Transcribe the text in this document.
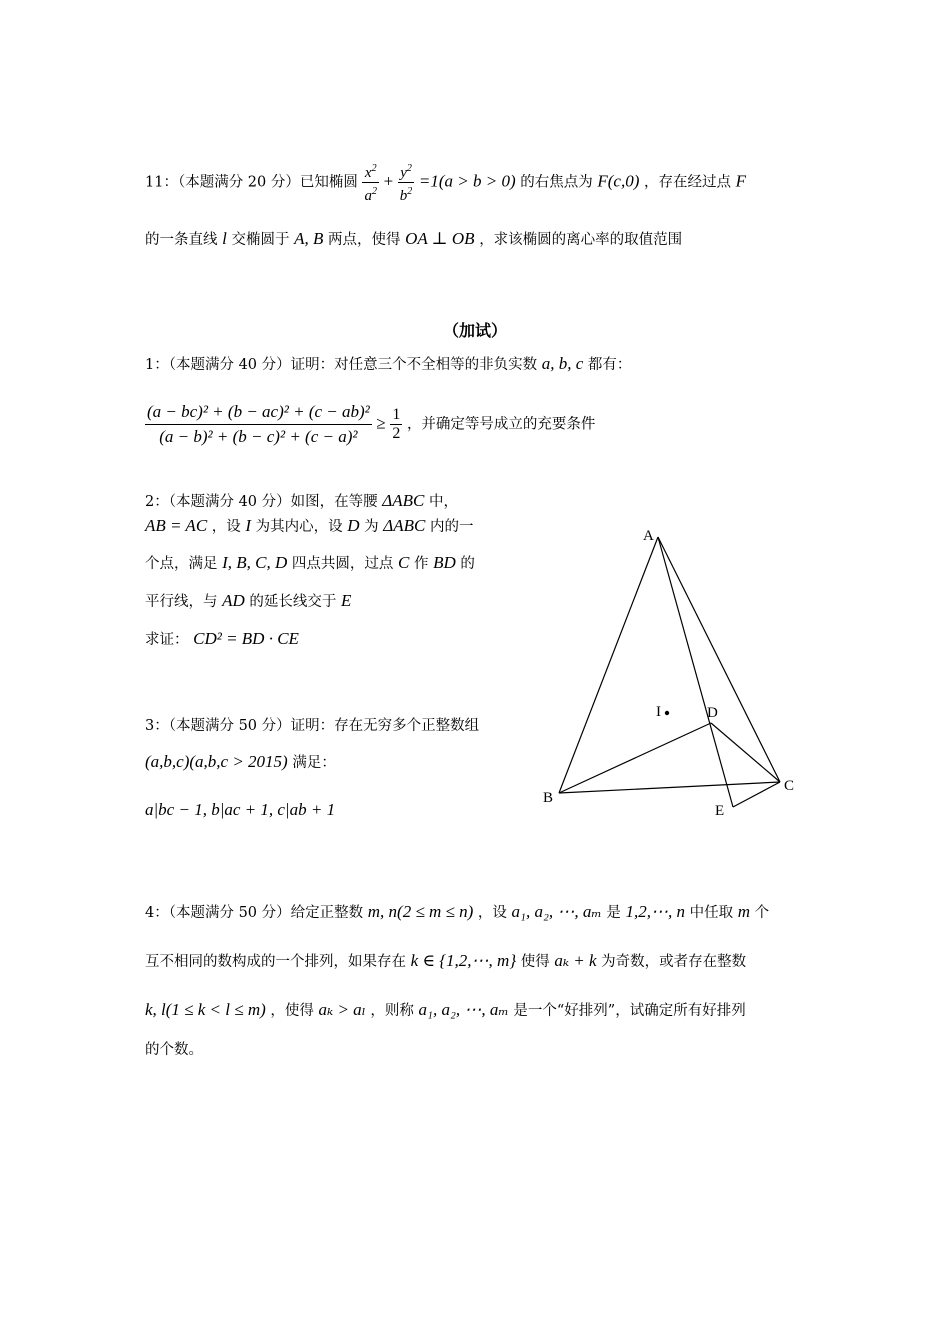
11：（本题满分 20 分）已知椭圆 $\frac{x^2}{a^2} + \frac{y^2}{b^2} =1(a > b > 0)$ 的右焦点为 F(c,0) ，存在经过点 F
的一条直线 l 交椭圆于 A, B 两点，使得 OA ⊥ OB ，求该椭圆的离心率的取值范围
（加试）
1：（本题满分 40 分）证明：对任意三个不全相等的非负实数 a, b, c 都有：
$\frac{\text{(a − bc)² + (b − ac)² + (c − ab)²}}{\text{(a − b)² + (b − c)² + (c − a)²}} \ge \frac{1}{2}$ ，并确定等号成立的充要条件
2：（本题满分 40 分）如图，在等腰 ΔABC 中，
AB = AC ，设 I 为其内心，设 D 为 ΔABC 内的一
个点，满足 I, B, C, D 四点共圆，过点 C 作 BD 的
平行线，与 AD 的延长线交于 E
求证： CD² = BD · CE
3：（本题满分 50 分）证明：存在无穷多个正整数组
(a,b,c)(a,b,c > 2015) 满足：
a|bc − 1, b|ac + 1, c|ab + 1
4：（本题满分 50 分）给定正整数 m, n(2 ≤ m ≤ n) ，设 a₁, a₂, ⋯, aₘ 是 1,2,⋯, n 中任取 m 个
互不相同的数构成的一个排列，如果存在 k ∈ {1,2,⋯, m} 使得 aₖ + k 为奇数，或者存在整数
k, l(1 ≤ k < l ≤ m) ，使得 aₖ > aₗ ，则称 a₁, a₂, ⋯, aₘ 是一个“好排列”，试确定所有好排列
的个数。
A
B
C
D
E
I
